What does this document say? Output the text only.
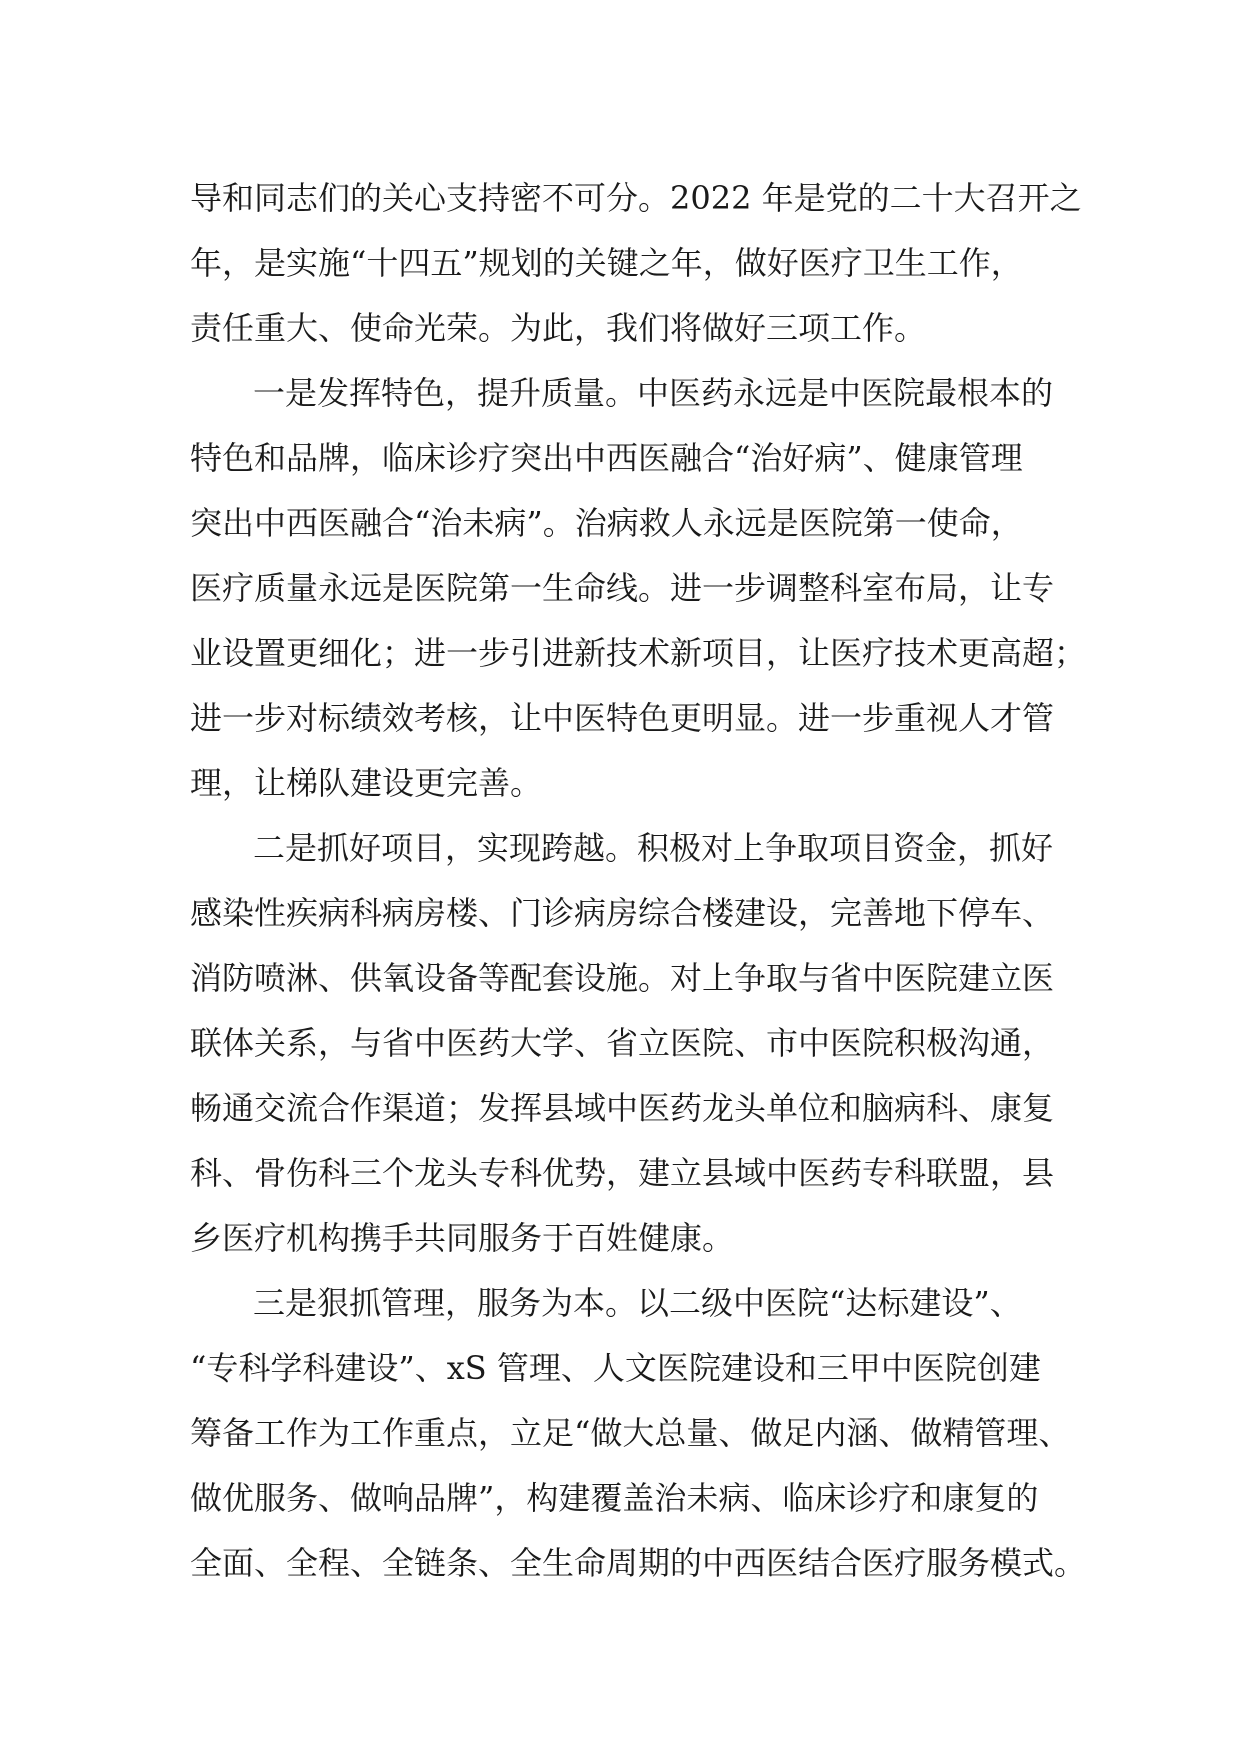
导和同志们的关心支持密不可分。2022 年是党的二十大召开之
年，是实施“十四五”规划的关键之年，做好医疗卫生工作，
责任重大、使命光荣。为此，我们将做好三项工作。
一是发挥特色，提升质量。中医药永远是中医院最根本的
特色和品牌，临床诊疗突出中西医融合“治好病”、健康管理
突出中西医融合“治未病”。治病救人永远是医院第一使命，
医疗质量永远是医院第一生命线。进一步调整科室布局，让专
业设置更细化；进一步引进新技术新项目，让医疗技术更高超；
进一步对标绩效考核，让中医特色更明显。进一步重视人才管
理，让梯队建设更完善。
二是抓好项目，实现跨越。积极对上争取项目资金，抓好
感染性疾病科病房楼、门诊病房综合楼建设，完善地下停车、
消防喷淋、供氧设备等配套设施。对上争取与省中医院建立医
联体关系，与省中医药大学、省立医院、市中医院积极沟通，
畅通交流合作渠道；发挥县域中医药龙头单位和脑病科、康复
科、骨伤科三个龙头专科优势，建立县域中医药专科联盟，县
乡医疗机构携手共同服务于百姓健康。
三是狠抓管理，服务为本。以二级中医院“达标建设”、
“专科学科建设”、xS 管理、人文医院建设和三甲中医院创建
筹备工作为工作重点，立足“做大总量、做足内涵、做精管理、
做优服务、做响品牌”，构建覆盖治未病、临床诊疗和康复的
全面、全程、全链条、全生命周期的中西医结合医疗服务模式。
